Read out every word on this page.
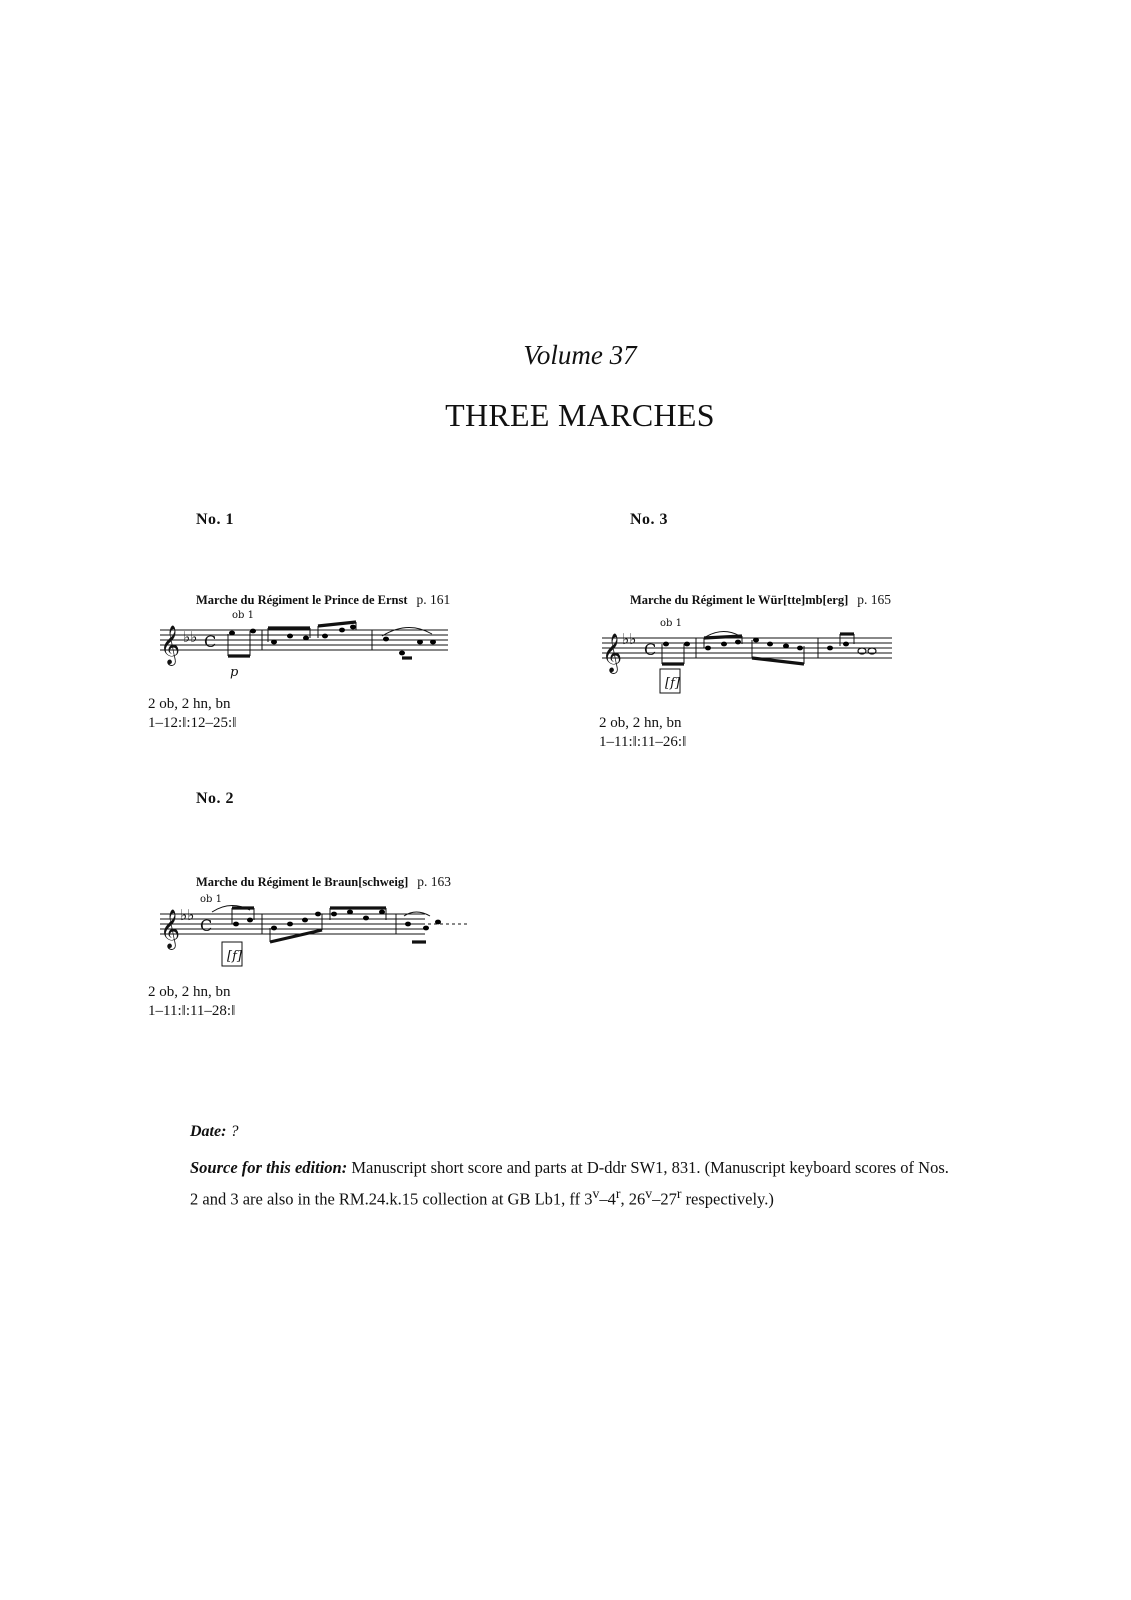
Volume 37
THREE MARCHES
No. 1
Marche du Régiment le Prince de Ernst p. 161
ob 1
𝄞 ♭♭ C
p
2 ob, 2 hn, bn
1–12:‖:12–25:‖
No. 3
Marche du Régiment le Wür[tte]mb[erg] p. 165
ob 1
𝄞 ♭♭
C
[f]
2 ob, 2 hn, bn
1–11:‖:11–26:‖
No. 2
Marche du Régiment le Braun[schweig] p. 163
ob 1
𝄞 ♭♭
C
[f]
2 ob, 2 hn, bn
1–11:‖:11–28:‖
Date: ?
Source for this edition: Manuscript short score and parts at D-ddr SW1, 831. (Manuscript keyboard scores of Nos. 2 and 3 are also in the RM.24.k.15 collection at GB Lb1, ff 3$^v$–4$^r$, 26$^v$–27$^r$ respectively.)
